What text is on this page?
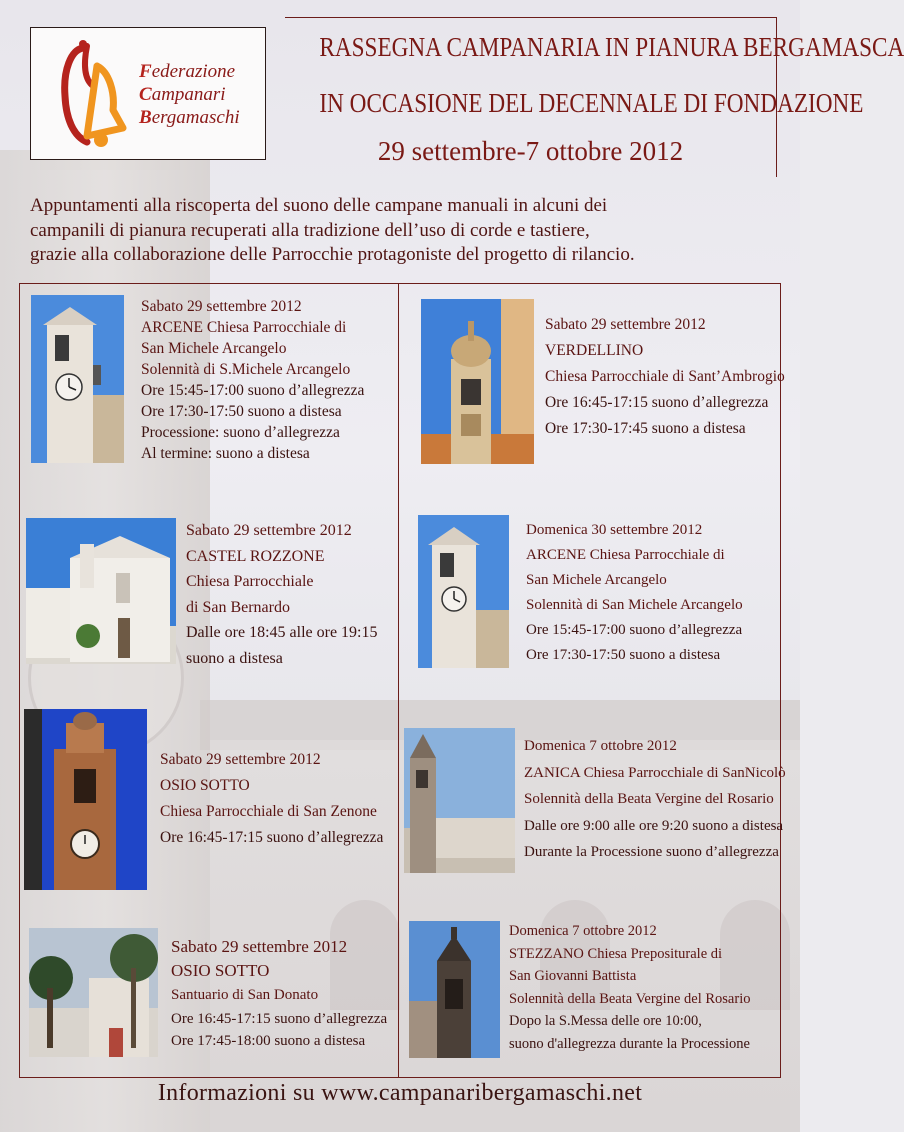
Federazione
Campanari
Bergamaschi
RASSEGNA CAMPANARIA IN PIANURA BERGAMASCA
IN OCCASIONE DEL DECENNALE DI FONDAZIONE
29 settembre-7 ottobre 2012
Appuntamenti alla riscoperta del suono delle campane manuali in alcuni dei
campanili di pianura recuperati alla tradizione dell’uso di corde e tastiere,
grazie alla collaborazione delle Parrocchie protagoniste del progetto di rilancio.
Sabato 29 settembre 2012
ARCENE Chiesa Parrocchiale di
San Michele Arcangelo
Solennità di S.Michele Arcangelo
Ore 15:45-17:00 suono d’allegrezza
Ore 17:30-17:50 suono a distesa
Processione: suono d’allegrezza
Al termine: suono a distesa
Sabato 29 settembre 2012
VERDELLINO
Chiesa Parrocchiale di Sant’Ambrogio
Ore 16:45-17:15 suono d’allegrezza
Ore 17:30-17:45 suono a distesa
Sabato 29 settembre 2012
CASTEL ROZZONE
Chiesa Parrocchiale
di San Bernardo
Dalle ore 18:45 alle ore 19:15
suono a distesa
Domenica 30 settembre 2012
ARCENE Chiesa Parrocchiale di
San Michele Arcangelo
Solennità di San Michele Arcangelo
Ore 15:45-17:00 suono d’allegrezza
Ore 17:30-17:50 suono a distesa
Sabato 29 settembre 2012
OSIO SOTTO
Chiesa Parrocchiale di San Zenone
Ore 16:45-17:15 suono d’allegrezza
Domenica 7 ottobre 2012
ZANICA Chiesa Parrocchiale di SanNicolò
Solennità della Beata Vergine del Rosario
Dalle ore 9:00 alle ore 9:20 suono a distesa
Durante la Processione suono d’allegrezza
Sabato 29 settembre 2012
OSIO SOTTO
Santuario di San Donato
Ore 16:45-17:15 suono d’allegrezza
Ore 17:45-18:00 suono a distesa
Domenica 7 ottobre 2012
STEZZANO Chiesa Prepositurale di
San Giovanni Battista
Solennità della Beata Vergine del Rosario
Dopo la S.Messa delle ore 10:00,
suono d'allegrezza durante la Processione
Informazioni su www.campanaribergamaschi.net
